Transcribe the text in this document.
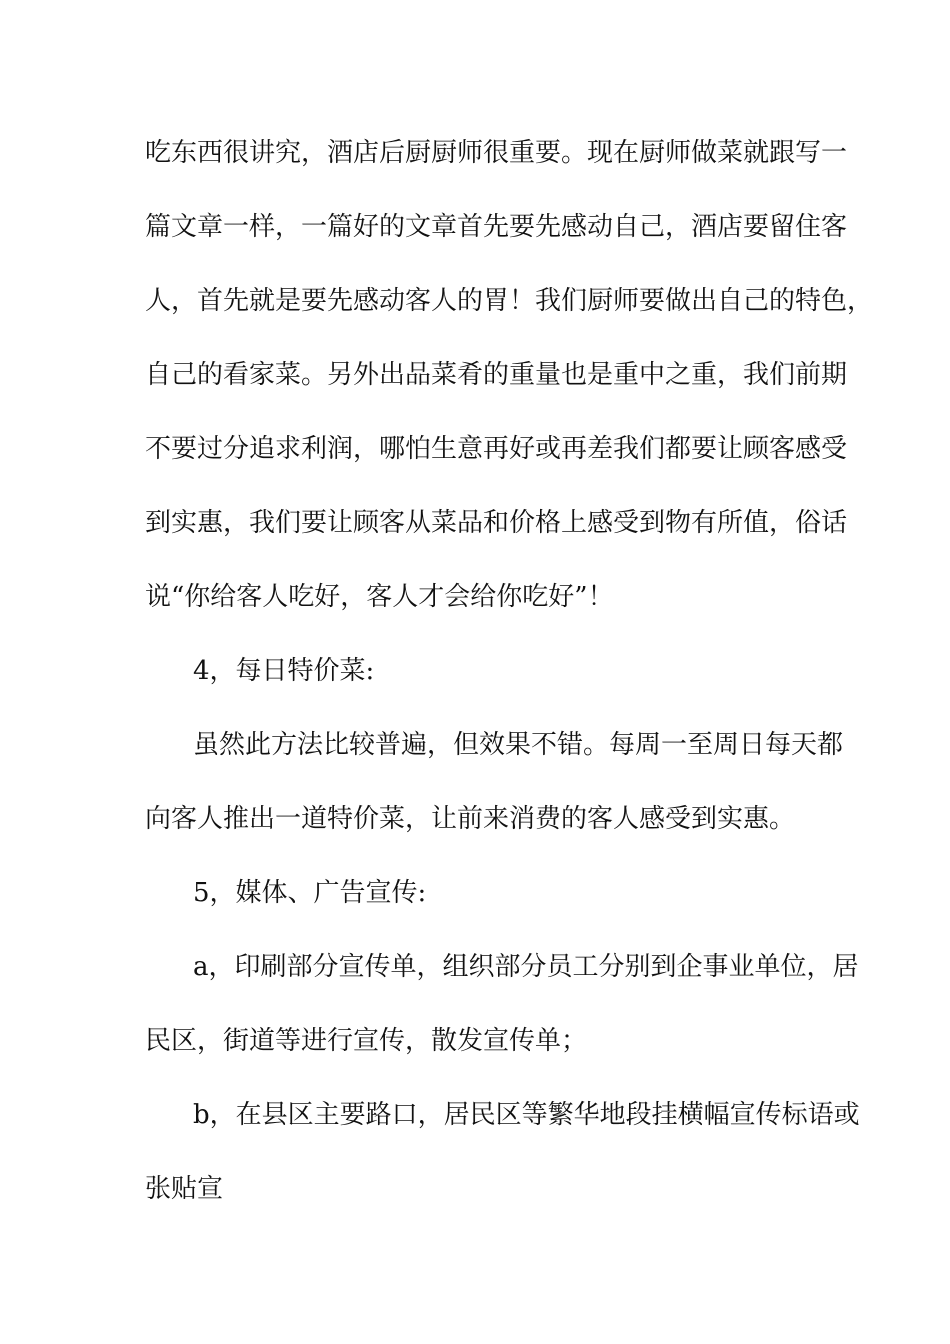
吃东西很讲究，酒店后厨厨师很重要。现在厨师做菜就跟写一

篇文章一样，一篇好的文章首先要先感动自己，酒店要留住客

人，首先就是要先感动客人的胃！我们厨师要做出自己的特色，

自己的看家菜。另外出品菜肴的重量也是重中之重，我们前期

不要过分追求利润，哪怕生意再好或再差我们都要让顾客感受

到实惠，我们要让顾客从菜品和价格上感受到物有所值，俗话

说“你给客人吃好，客人才会给你吃好”！

4，每日特价菜:

虽然此方法比较普遍，但效果不错。每周一至周日每天都

向客人推出一道特价菜，让前来消费的客人感受到实惠。

5，媒体、广告宣传:

a，印刷部分宣传单，组织部分员工分别到企事业单位，居

民区，街道等进行宣传，散发宣传单；

b，在县区主要路口，居民区等繁华地段挂横幅宣传标语或

张贴宣
